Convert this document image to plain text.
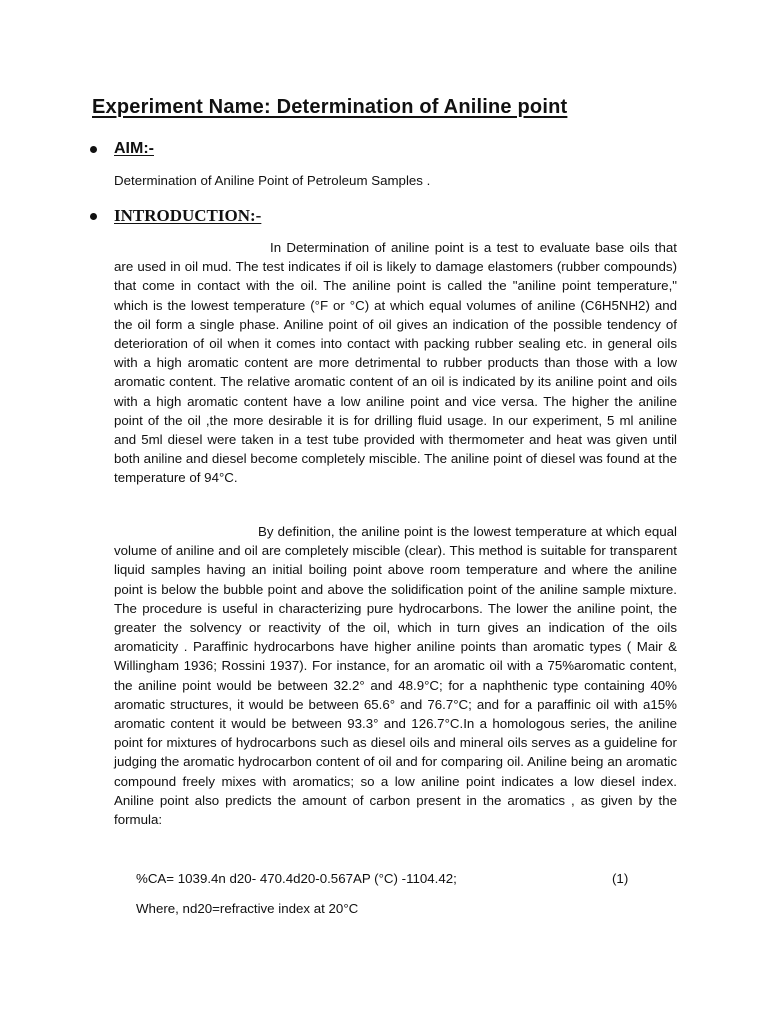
Experiment Name: Determination of Aniline point
AIM:-

Determination of Aniline Point of Petroleum Samples .

INTRODUCTION:-

In Determination of aniline point is a test to evaluate base oils that are used in oil mud. The test indicates if oil is likely to damage elastomers (rubber compounds) that come in contact with the oil. The aniline point is called the "aniline point temperature," which is the lowest temperature (°F or °C) at which equal volumes of aniline (C6H5NH2) and the oil form a single phase. Aniline point of oil gives an indication of the possible tendency of deterioration of oil when it comes into contact with packing rubber sealing etc. in general oils with a high aromatic content are more detrimental to rubber products than those with a low aromatic content. The relative aromatic content of an oil is indicated by its aniline point and oils with a high aromatic content have a low aniline point and vice versa. The higher the aniline point of the oil ,the more desirable it is for drilling fluid usage. In our experiment, 5 ml aniline and 5ml diesel were taken in a test tube provided with thermometer and heat was given until both aniline and diesel become completely miscible. The aniline point of diesel was found at the temperature of 94°C.

By definition, the aniline point is the lowest temperature at which equal volume of aniline and oil are completely miscible (clear). This method is suitable for transparent liquid samples having an initial boiling point above room temperature and where the aniline point is below the bubble point and above the solidification point of the aniline sample mixture. The procedure is useful in characterizing pure hydrocarbons. The lower the aniline point, the greater the solvency or reactivity of the oil, which in turn gives an indication of the oils aromaticity . Paraffinic hydrocarbons have higher aniline points than aromatic types ( Mair & Willingham 1936; Rossini 1937). For instance, for an aromatic oil with a 75%aromatic content, the aniline point would be between 32.2° and 48.9°C; for a naphthenic type containing 40% aromatic structures, it would be between 65.6° and 76.7°C; and for a paraffinic oil with a15% aromatic content it would be between 93.3° and 126.7°C.In a homologous series, the aniline point for mixtures of hydrocarbons such as diesel oils and mineral oils serves as a guideline for judging the aromatic hydrocarbon content of oil and for comparing oil. Aniline being an aromatic compound freely mixes with aromatics; so a low aniline point indicates a low diesel index. Aniline point also predicts the amount of carbon present in the aromatics , as given by the formula:

%CA= 1039.4n d20- 470.4d20-0.567AP (°C) -1104.42;	(1)

Where, nd20=refractive index at 20°C
